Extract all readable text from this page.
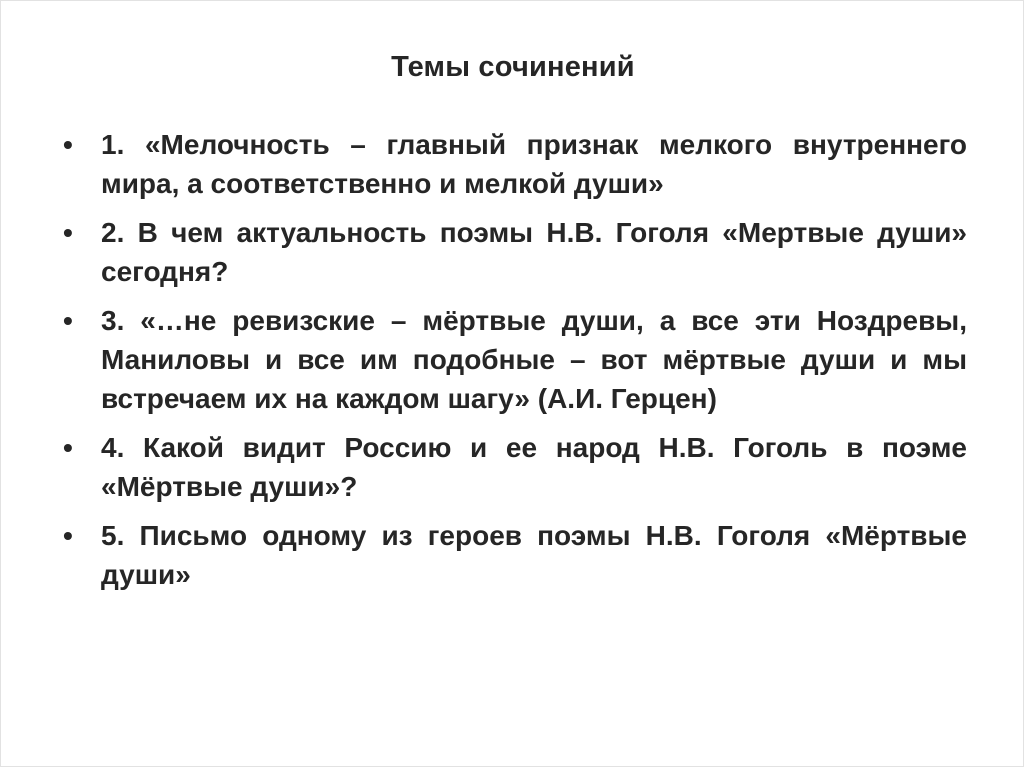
Темы сочинений
• 1. «Мелочность – главный признак мелкого внутреннего мира, а соответственно и мелкой души»
• 2. В чем актуальность поэмы Н.В. Гоголя «Мертвые души» сегодня?
• 3. «…не ревизские – мёртвые души, а все эти Ноздревы, Маниловы и все им подобные – вот мёртвые души и мы встречаем их на каждом шагу» (А.И. Герцен)
• 4. Какой видит Россию и ее народ Н.В. Гоголь в поэме «Мёртвые души»?
• 5. Письмо одному из героев поэмы Н.В. Гоголя «Мёртвые души»
